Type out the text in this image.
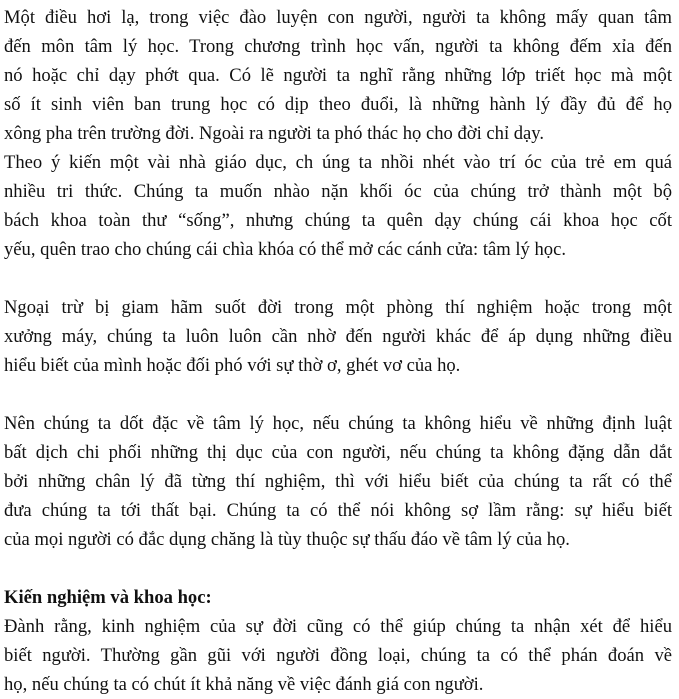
Một điều hơi lạ, trong việc đào luyện con người, người ta không mấy quan tâm
đến môn tâm lý học. Trong chương trình học vấn, người ta không đếm xỉa đến
nó hoặc chỉ dạy phớt qua. Có lẽ người ta nghĩ rằng những lớp triết học mà một
số ít sinh viên ban trung học có dịp theo đuổi, là những hành lý đầy đủ để họ
xông pha trên trường đời. Ngoài ra người ta phó thác họ cho đời chỉ dạy.
Theo ý kiến một vài nhà giáo dục, ch úng ta nhồi nhét vào trí óc của trẻ em quá
nhiều tri thức. Chúng ta muốn nhào nặn khối óc của chúng trở thành một bộ
bách khoa toàn thư “sống”, nhưng chúng ta quên dạy chúng cái khoa học cốt
yếu, quên trao cho chúng cái chìa khóa có thể mở các cánh cửa: tâm lý học.
Ngoại trừ bị giam hãm suốt đời trong một phòng thí nghiệm hoặc trong một
xưởng máy, chúng ta luôn luôn cần nhờ đến người khác để áp dụng những điều
hiểu biết của mình hoặc đối phó với sự thờ ơ, ghét vơ của họ.
Nên chúng ta dốt đặc về tâm lý học, nếu chúng ta không hiểu về những định luật
bất dịch chi phối những thị dục của con người, nếu chúng ta không đặng dẫn dắt
bởi những chân lý đã từng thí nghiệm, thì với hiểu biết của chúng ta rất có thể
đưa chúng ta tới thất bại. Chúng ta có thể nói không sợ lầm rằng: sự hiểu biết
của mọi người có đắc dụng chăng là tùy thuộc sự thấu đáo về tâm lý của họ.
Kiến nghiệm và khoa học:
Đành rằng, kinh nghiệm của sự đời cũng có thể giúp chúng ta nhận xét để hiểu
biết người. Thường gần gũi với người đồng loại, chúng ta có thể phán đoán về
họ, nếu chúng ta có chút ít khả năng về việc đánh giá con người.
